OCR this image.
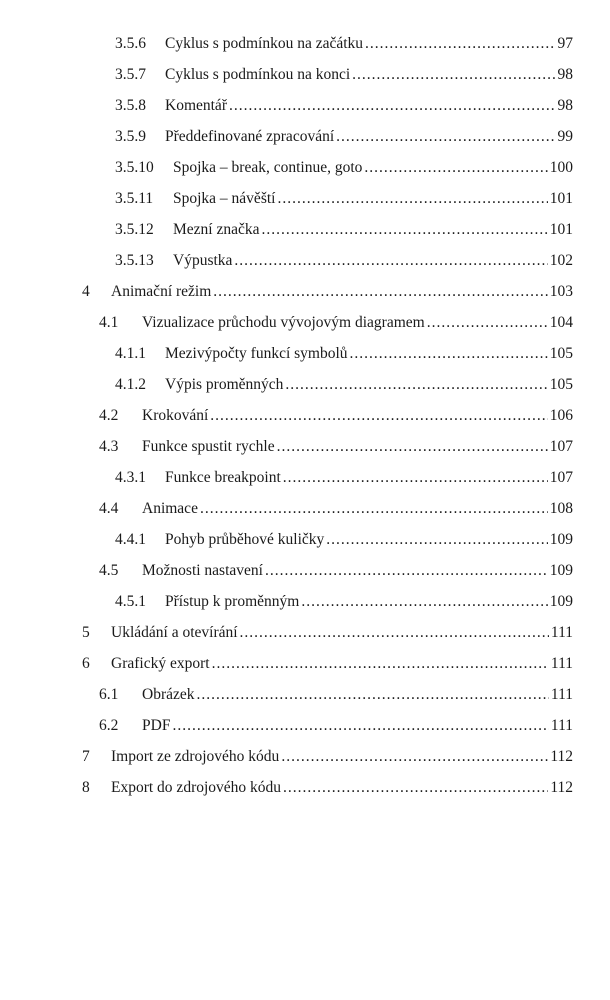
3.5.6	Cyklus s podmínkou na začátku .....	97
3.5.7	Cyklus s podmínkou na konci .....	98
3.5.8	Komentář .....	98
3.5.9	Předdefinované zpracování .....	99
3.5.10	Spojka – break, continue, goto .....	100
3.5.11	Spojka – návěští .....	101
3.5.12	Mezní značka .....	101
3.5.13	Výpustka .....	102
4	Animační režim .....	103
4.1	Vizualizace průchodu vývojovým diagramem .....	104
4.1.1	Mezivýpočty funkcí symbolů .....	105
4.1.2	Výpis proměnných .....	105
4.2	Krokování .....	106
4.3	Funkce spustit rychle .....	107
4.3.1	Funkce breakpoint .....	107
4.4	Animace .....	108
4.4.1	Pohyb průběhové kuličky .....	109
4.5	Možnosti nastavení .....	109
4.5.1	Přístup k proměnným .....	109
5	Ukládání a otevírání .....	111
6	Grafický export .....	111
6.1	Obrázek .....	111
6.2	PDF .....	111
7	Import ze zdrojového kódu .....	112
8	Export do zdrojového kódu .....	112
